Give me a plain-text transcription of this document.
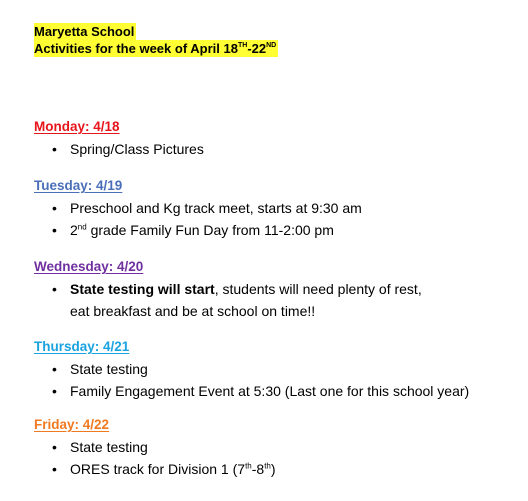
Maryetta School
Activities for the week of April 18TH-22ND
Monday: 4/18
• Spring/Class Pictures
Tuesday: 4/19
• Preschool and Kg track meet, starts at 9:30 am
• 2nd grade Family Fun Day from 11-2:00 pm
Wednesday: 4/20
• State testing will start, students will need plenty of rest,
eat breakfast and be at school on time!!
Thursday: 4/21
• State testing
• Family Engagement Event at 5:30 (Last one for this school year)
Friday: 4/22
• State testing
• ORES track for Division 1 (7th-8th)
